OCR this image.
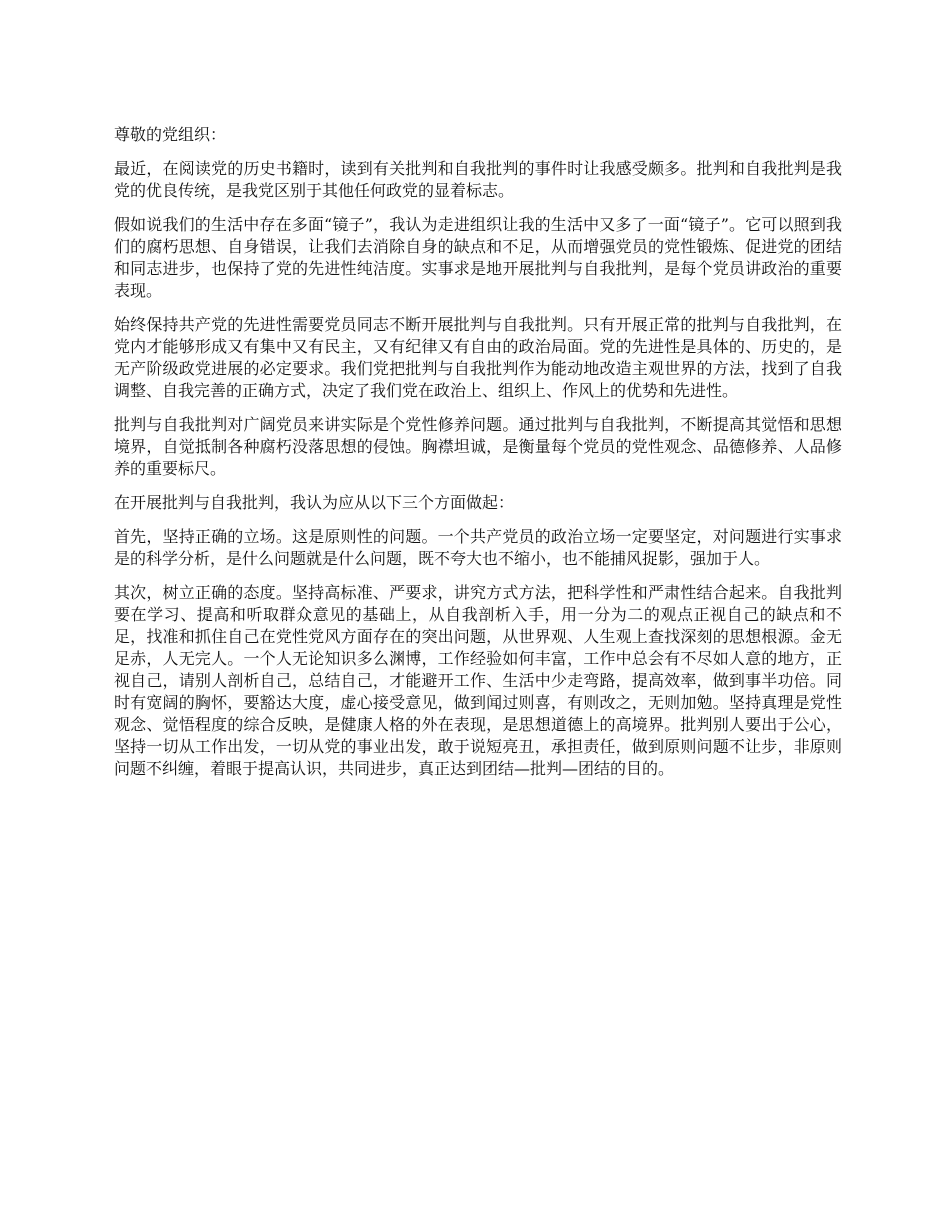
尊敬的党组织：

最近，在阅读党的历史书籍时，读到有关批判和自我批判的事件时让我感受颇多。批判和自我批判是我党的优良传统，是我党区别于其他任何政党的显着标志。

假如说我们的生活中存在多面“镜子”，我认为走进组织让我的生活中又多了一面“镜子”。它可以照到我们的腐朽思想、自身错误，让我们去消除自身的缺点和不足，从而增强党员的党性锻炼、促进党的团结和同志进步，也保持了党的先进性纯洁度。实事求是地开展批判与自我批判，是每个党员讲政治的重要表现。

始终保持共产党的先进性需要党员同志不断开展批判与自我批判。只有开展正常的批判与自我批判，在党内才能够形成又有集中又有民主，又有纪律又有自由的政治局面。党的先进性是具体的、历史的，是无产阶级政党进展的必定要求。我们党把批判与自我批判作为能动地改造主观世界的方法，找到了自我调整、自我完善的正确方式，决定了我们党在政治上、组织上、作风上的优势和先进性。

批判与自我批判对广阔党员来讲实际是个党性修养问题。通过批判与自我批判，不断提高其觉悟和思想境界，自觉抵制各种腐朽没落思想的侵蚀。胸襟坦诚，是衡量每个党员的党性观念、品德修养、人品修养的重要标尺。

在开展批判与自我批判，我认为应从以下三个方面做起：

首先，坚持正确的立场。这是原则性的问题。一个共产党员的政治立场一定要坚定，对问题进行实事求是的科学分析，是什么问题就是什么问题，既不夸大也不缩小，也不能捕风捉影，强加于人。

其次，树立正确的态度。坚持高标准、严要求，讲究方式方法，把科学性和严肃性结合起来。自我批判要在学习、提高和听取群众意见的基础上，从自我剖析入手，用一分为二的观点正视自己的缺点和不足，找准和抓住自己在党性党风方面存在的突出问题，从世界观、人生观上查找深刻的思想根源。金无足赤，人无完人。一个人无论知识多么渊博，工作经验如何丰富，工作中总会有不尽如人意的地方，正视自己，请别人剖析自己，总结自己，才能避开工作、生活中少走弯路，提高效率，做到事半功倍。同时有宽阔的胸怀，要豁达大度，虚心接受意见，做到闻过则喜，有则改之，无则加勉。坚持真理是党性观念、觉悟程度的综合反映，是健康人格的外在表现，是思想道德上的高境界。批判别人要出于公心，坚持一切从工作出发，一切从党的事业出发，敢于说短亮丑，承担责任，做到原则问题不让步，非原则问题不纠缠，着眼于提高认识，共同进步，真正达到团结—批判—团结的目的。
